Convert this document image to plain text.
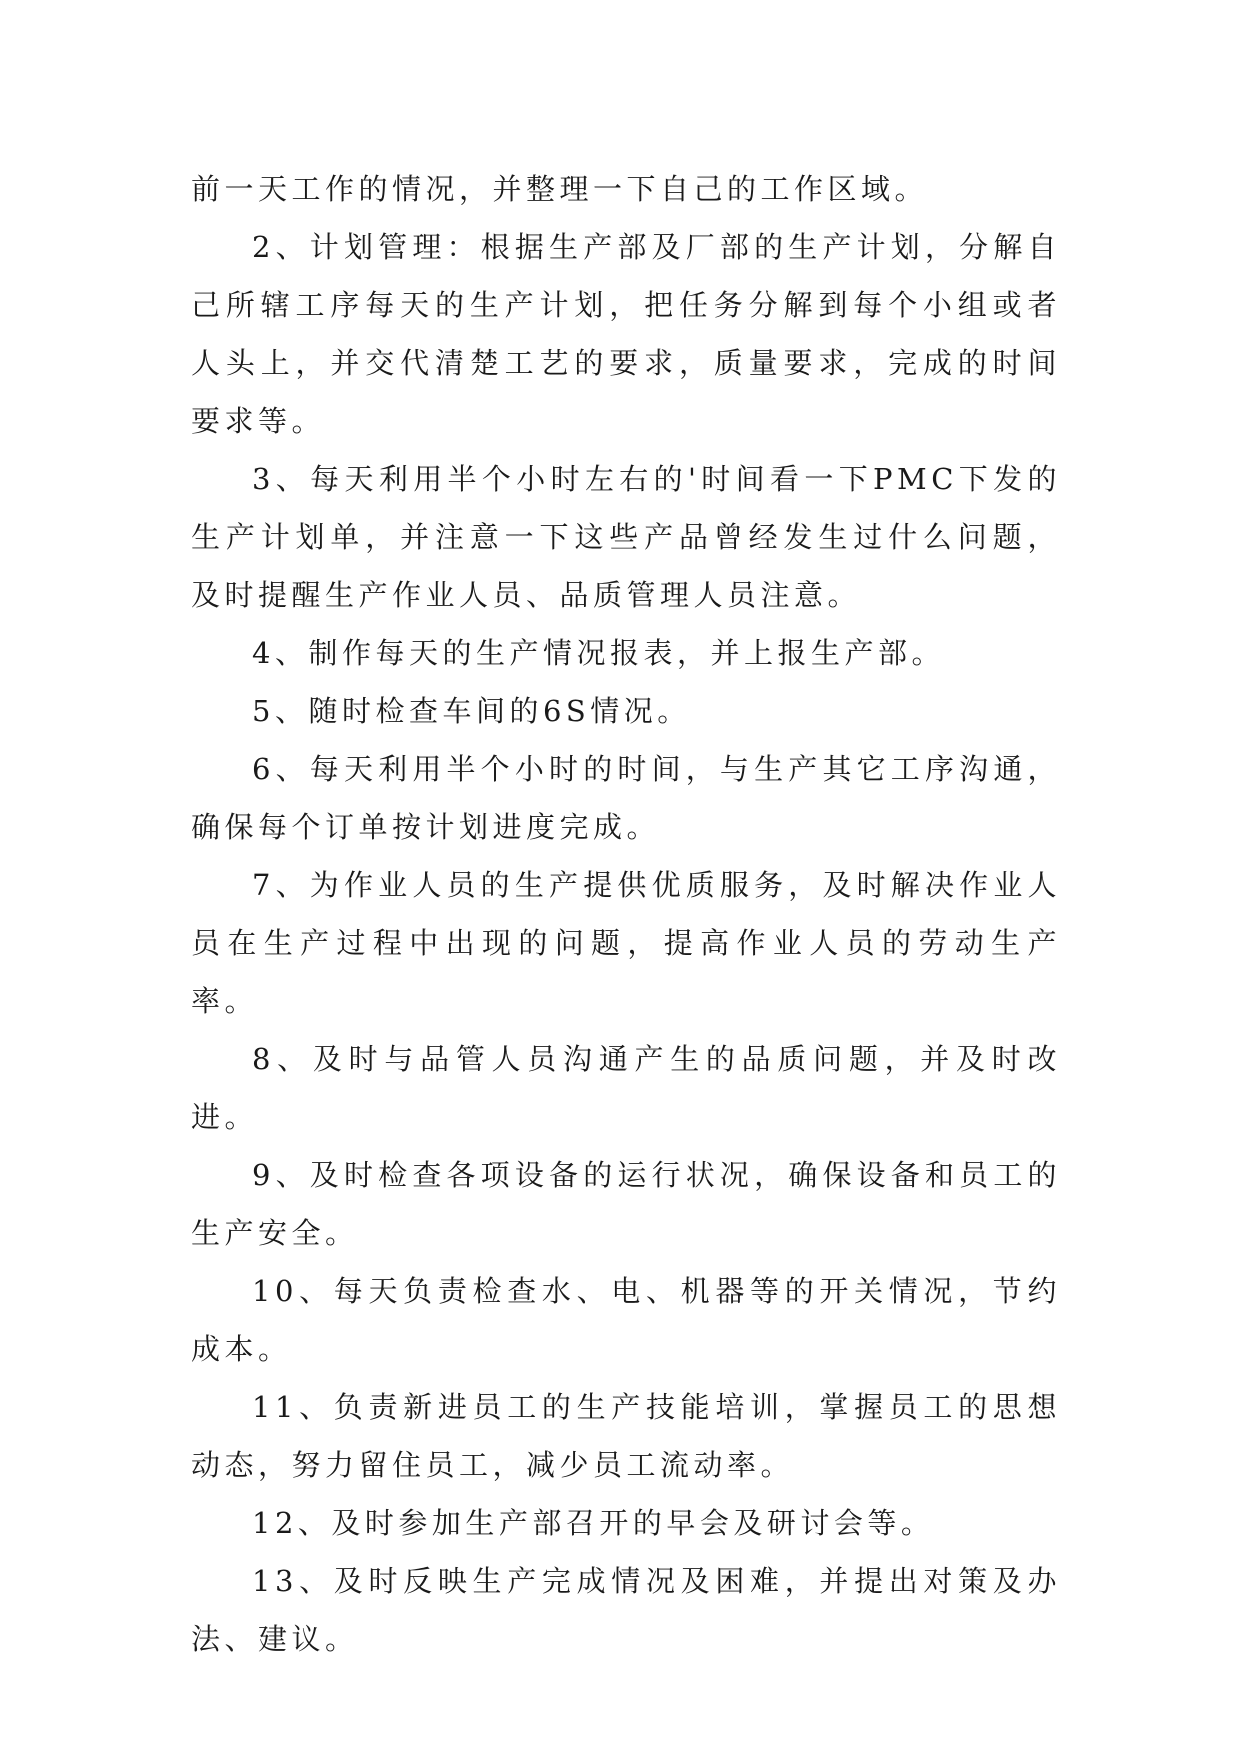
前一天工作的情况，并整理一下自己的工作区域。

2、计划管理：根据生产部及厂部的生产计划，分解自己所辖工序每天的生产计划，把任务分解到每个小组或者人头上，并交代清楚工艺的要求，质量要求，完成的时间要求等。

3、每天利用半个小时左右的'时间看一下PMC下发的生产计划单，并注意一下这些产品曾经发生过什么问题，及时提醒生产作业人员、品质管理人员注意。

4、制作每天的生产情况报表，并上报生产部。

5、随时检查车间的6S情况。

6、每天利用半个小时的时间，与生产其它工序沟通，确保每个订单按计划进度完成。

7、为作业人员的生产提供优质服务，及时解决作业人员在生产过程中出现的问题，提高作业人员的劳动生产率。

8、及时与品管人员沟通产生的品质问题，并及时改进。

9、及时检查各项设备的运行状况，确保设备和员工的生产安全。

10、每天负责检查水、电、机器等的开关情况，节约成本。

11、负责新进员工的生产技能培训，掌握员工的思想动态，努力留住员工，减少员工流动率。

12、及时参加生产部召开的早会及研讨会等。

13、及时反映生产完成情况及困难，并提出对策及办法、建议。
